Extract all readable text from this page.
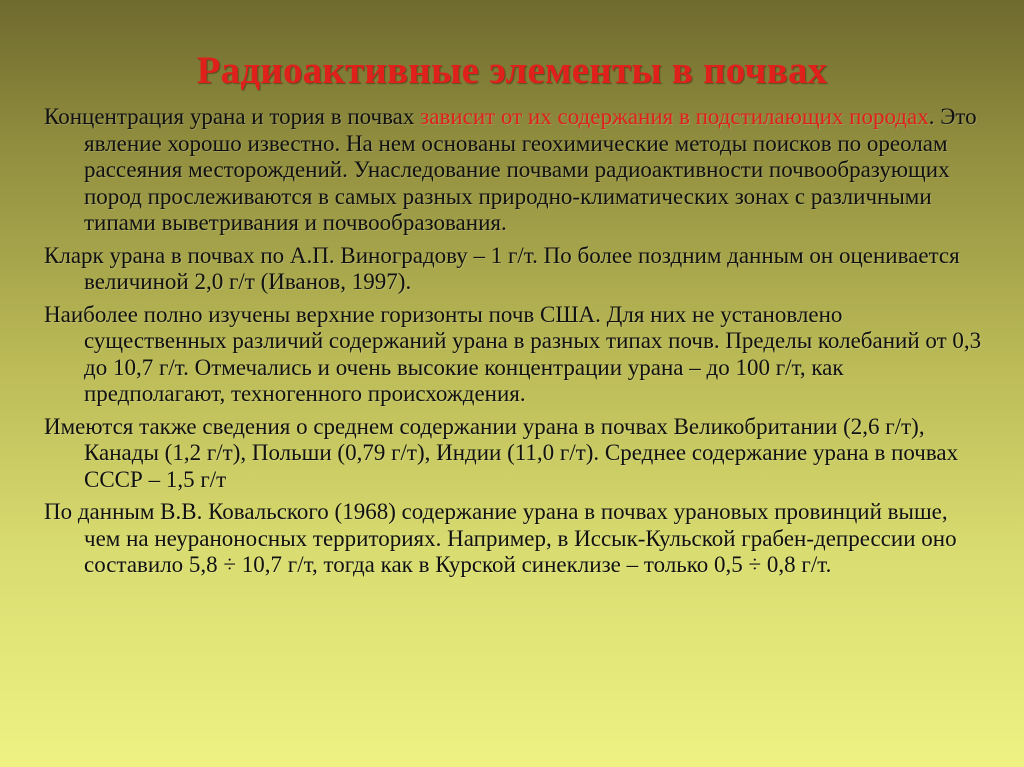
Радиоактивные элементы в почвах

Концентрация урана и тория в почвах зависит от их содержания в подстилающих породах. Это явление хорошо известно. На нем основаны геохимические методы поисков по ореолам рассеяния месторождений. Унаследование почвами радиоактивности почвообразующих пород прослеживаются в самых разных природно-климатических зонах с различными типами выветривания и почвообразования.

Кларк урана в почвах по А.П. Виноградову – 1 г/т. По более поздним данным он оценивается величиной 2,0 г/т (Иванов, 1997).

Наиболее полно изучены верхние горизонты почв США. Для них не установлено существенных различий содержаний урана в разных типах почв. Пределы колебаний от 0,3 до 10,7 г/т. Отмечались и очень высокие концентрации урана – до 100 г/т, как предполагают, техногенного происхождения.

Имеются также сведения о среднем содержании урана в почвах Великобритании (2,6 г/т), Канады (1,2 г/т), Польши (0,79 г/т), Индии (11,0 г/т). Среднее содержание урана в почвах СССР – 1,5 г/т

По данным В.В. Ковальского (1968) содержание урана в почвах урановых провинций выше, чем на неураноносных территориях. Например, в Иссык-Кульской грабен-депрессии оно составило 5,8 ÷ 10,7 г/т, тогда как в Курской синеклизе – только 0,5 ÷ 0,8 г/т.
